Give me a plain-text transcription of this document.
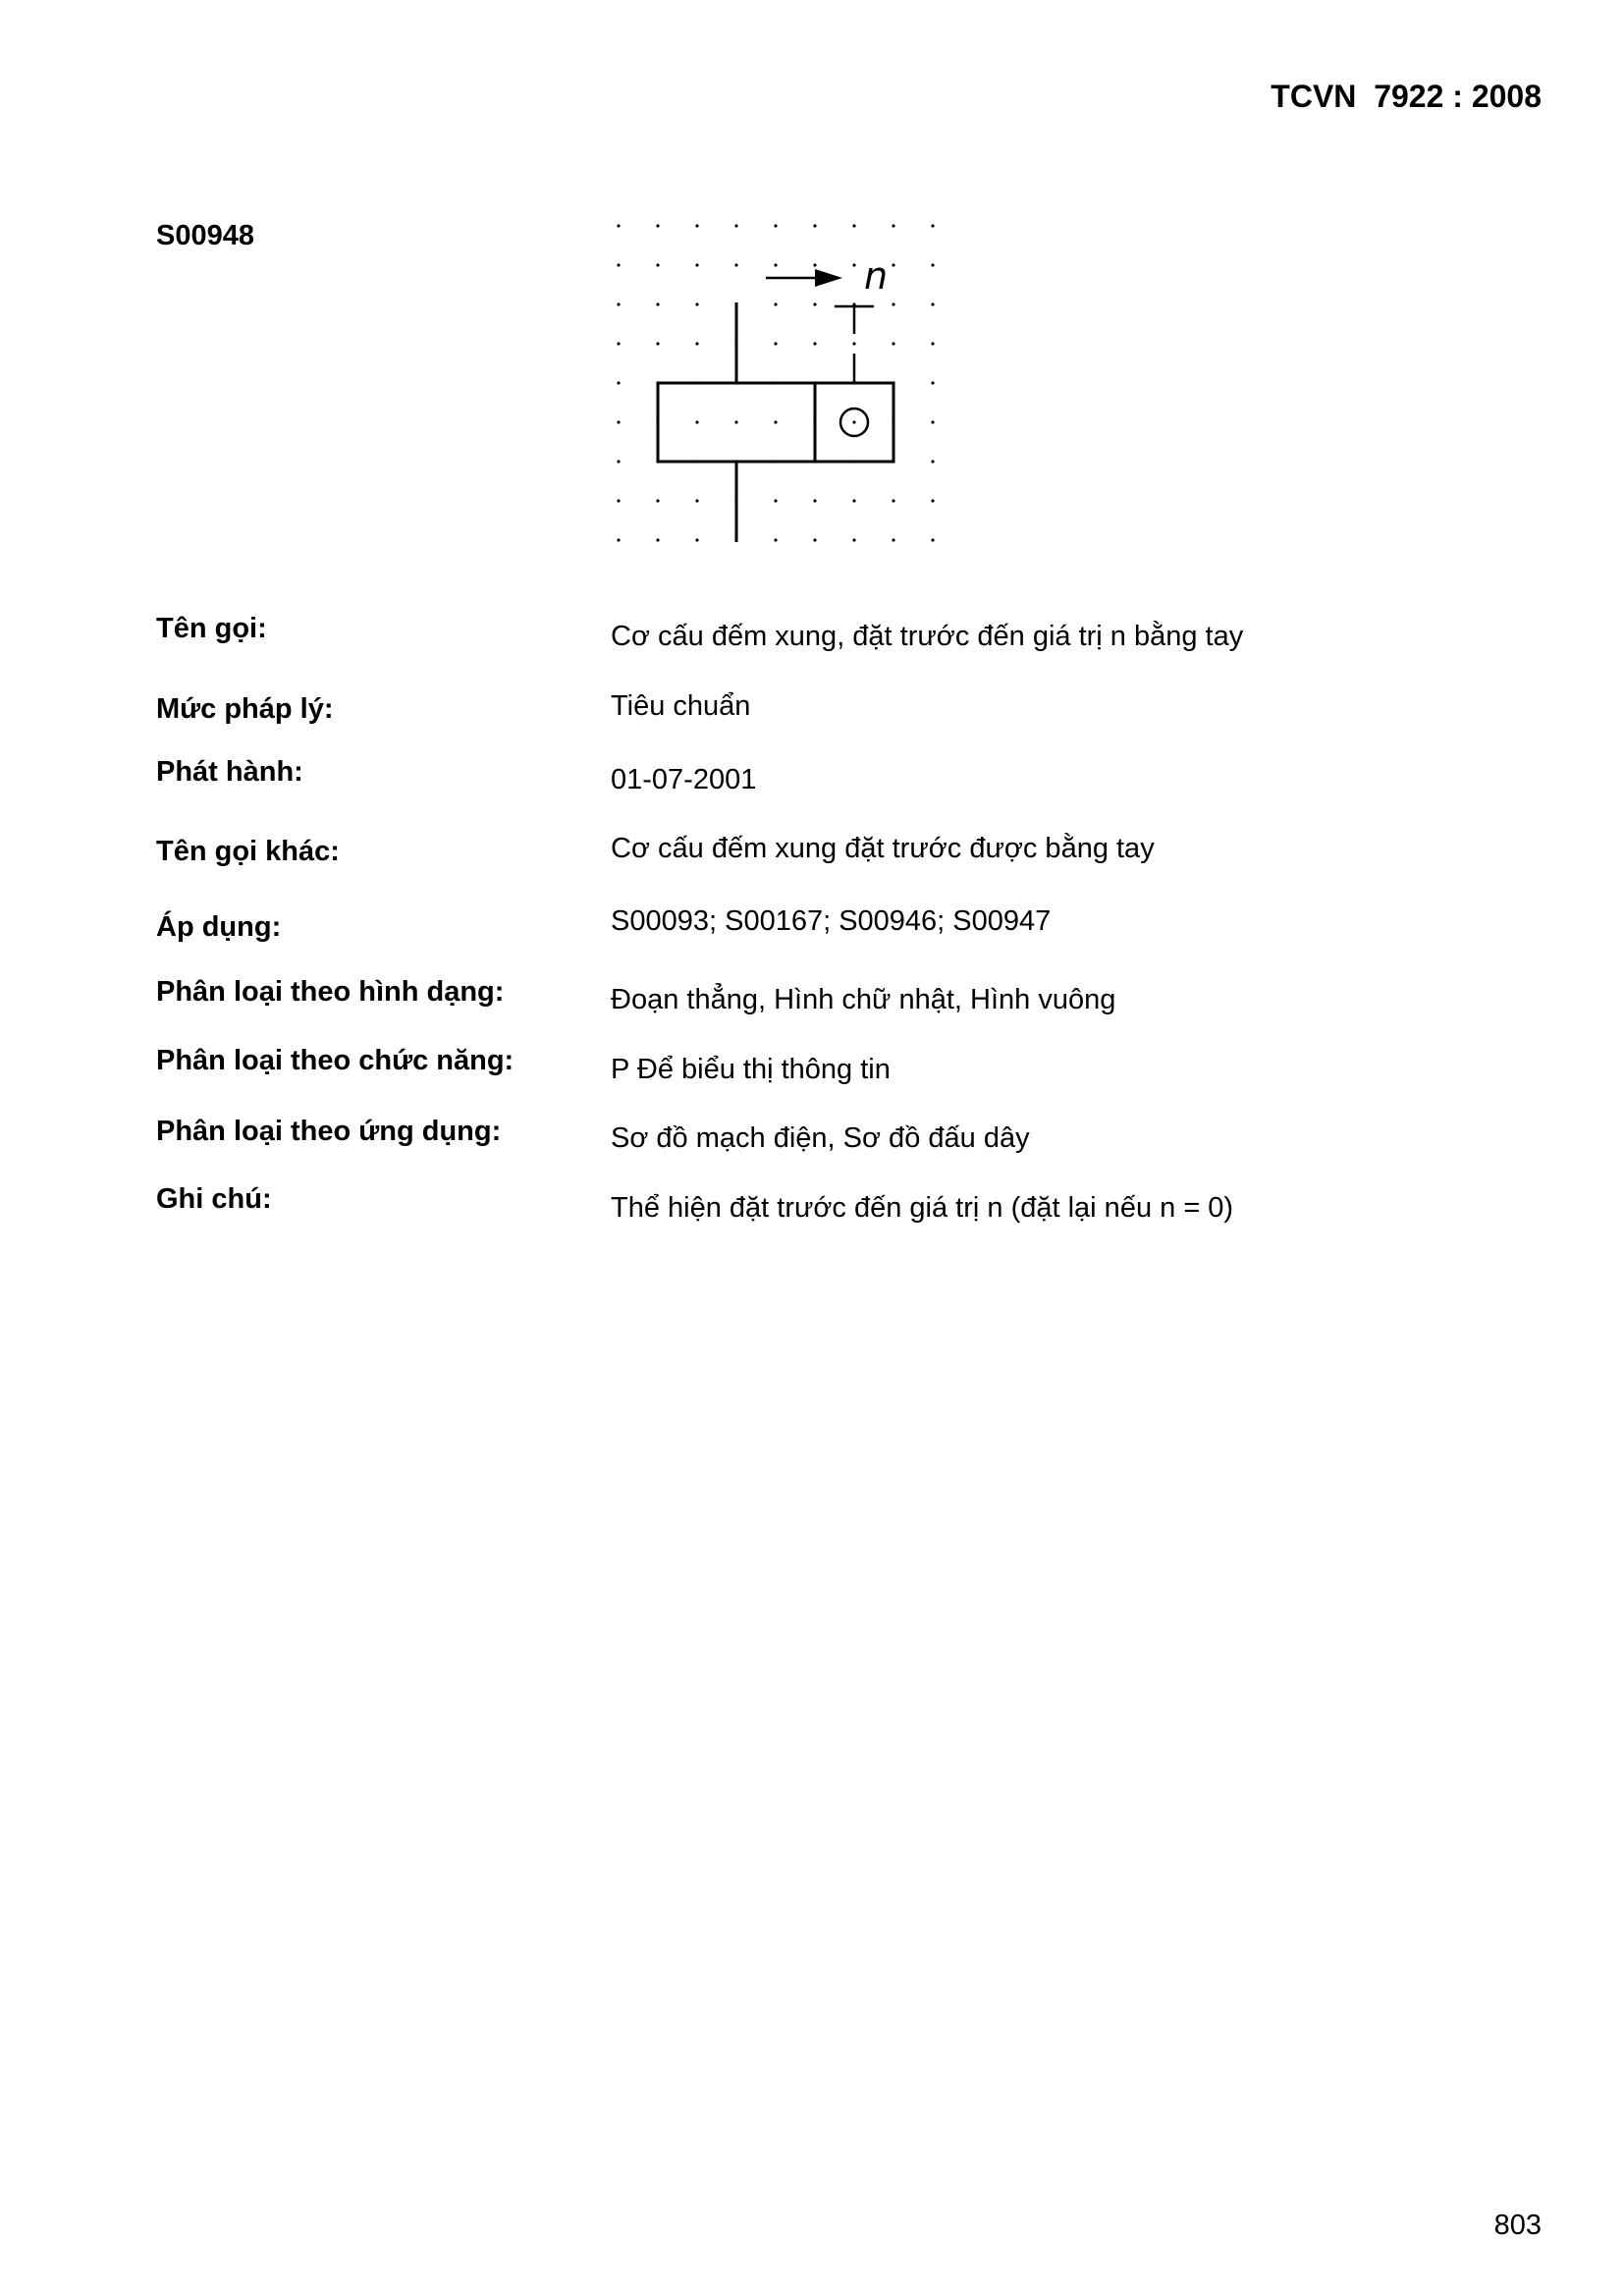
TCVN  7922 : 2008
S00948
n
Tên gọi:	Cơ cấu đếm xung, đặt trước đến giá trị n bằng tay
Mức pháp lý:	Tiêu chuẩn
Phát hành:	01-07-2001
Tên gọi khác:	Cơ cấu đếm xung đặt trước được bằng tay
Áp dụng:	S00093; S00167; S00946; S00947
Phân loại theo hình dạng:	Đoạn thẳng, Hình chữ nhật, Hình vuông
Phân loại theo chức năng:	P Để biểu thị thông tin
Phân loại theo ứng dụng:	Sơ đồ mạch điện, Sơ đồ đấu dây
Ghi chú:	Thể hiện đặt trước đến giá trị n (đặt lại nếu n = 0)
803
